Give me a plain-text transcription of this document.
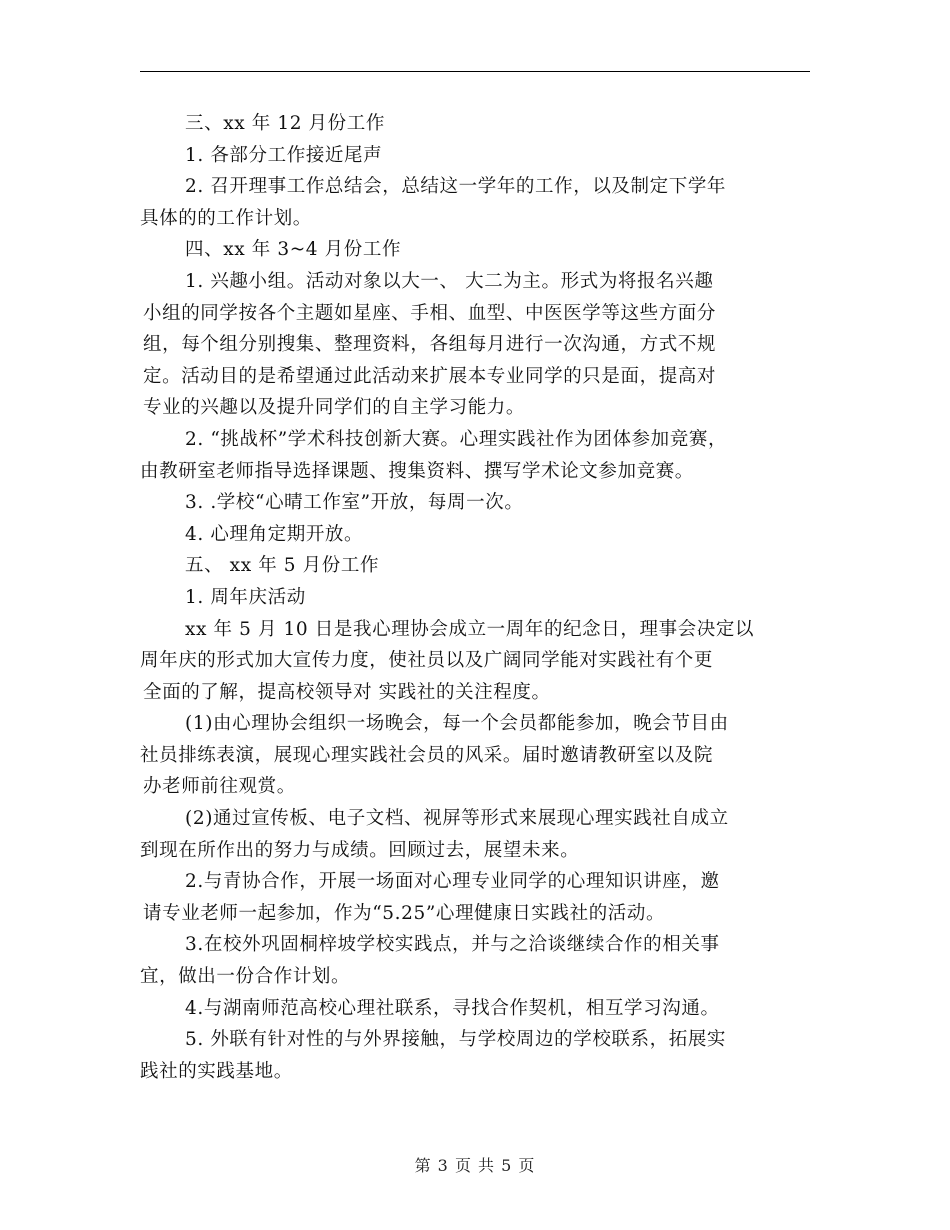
三、xx 年 12 月份工作
1. 各部分工作接近尾声
2. 召开理事工作总结会，总结这一学年的工作，以及制定下学年
具体的的工作计划。
四、xx 年 3~4 月份工作
1. 兴趣小组。活动对象以大一、 大二为主。形式为将报名兴趣
小组的同学按各个主题如星座、手相、血型、中医医学等这些方面分
组，每个组分别搜集、整理资料，各组每月进行一次沟通，方式不规
定。活动目的是希望通过此活动来扩展本专业同学的只是面，提高对
专业的兴趣以及提升同学们的自主学习能力。
2. “挑战杯”学术科技创新大赛。心理实践社作为团体参加竞赛，
由教研室老师指导选择课题、搜集资料、撰写学术论文参加竞赛。
3. .学校“心晴工作室”开放，每周一次。
4. 心理角定期开放。
五、 xx 年 5 月份工作
1. 周年庆活动
xx 年 5 月 10 日是我心理协会成立一周年的纪念日，理事会决定以
周年庆的形式加大宣传力度，使社员以及广阔同学能对实践社有个更
全面的了解，提高校领导对 实践社的关注程度。
(1)由心理协会组织一场晚会，每一个会员都能参加，晚会节目由
社员排练表演，展现心理实践社会员的风采。届时邀请教研室以及院
办老师前往观赏。
(2)通过宣传板、电子文档、视屏等形式来展现心理实践社自成立
到现在所作出的努力与成绩。回顾过去，展望未来。
2.与青协合作，开展一场面对心理专业同学的心理知识讲座，邀
请专业老师一起参加，作为“5.25”心理健康日实践社的活动。
3.在校外巩固桐梓坡学校实践点，并与之洽谈继续合作的相关事
宜，做出一份合作计划。
4.与湖南师范高校心理社联系，寻找合作契机，相互学习沟通。
5. 外联有针对性的与外界接触，与学校周边的学校联系，拓展实
践社的实践基地。
第 3 页 共 5 页
